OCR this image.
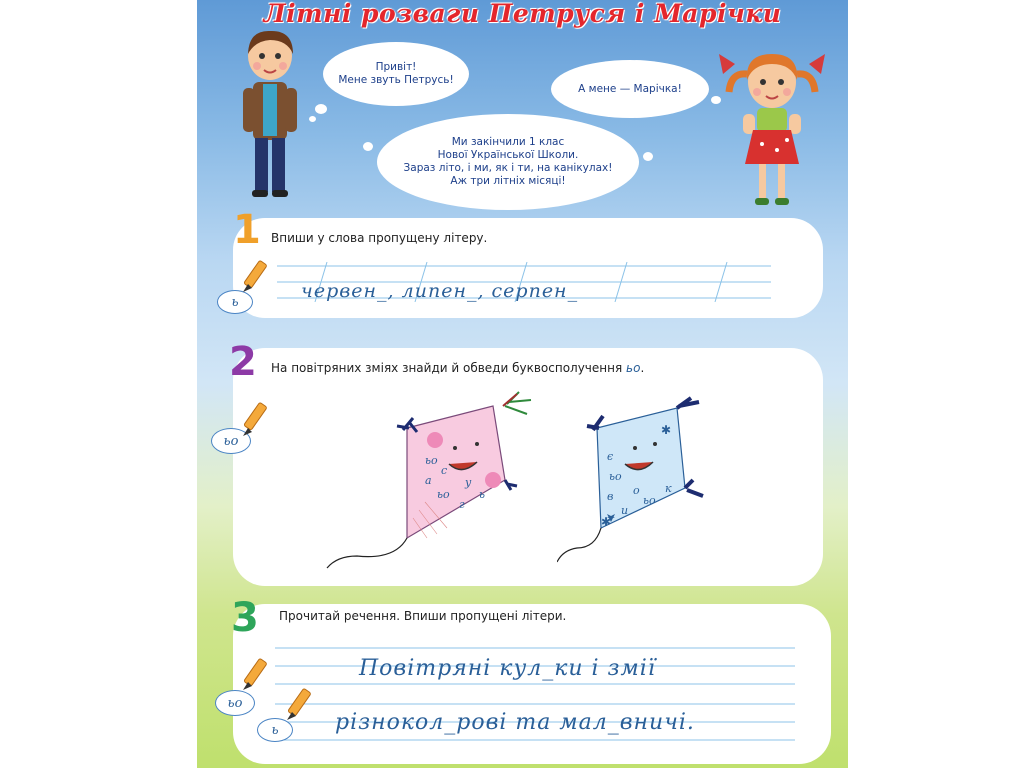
Літні розваги Петруся і Марічки
Привіт!
Мене звуть Петрусь!
А мене — Марічка!
Ми закінчили 1 клас
Нової Української Школи.
Зараз літо, і ми, як і ти, на канікулах!
Аж три літніх місяці!
1 Впиши у слова пропущену літеру.
червен_, липен_, серпен_
ь
2 На повітряних зміях знайди й обведи буквосполучення ьо.
ьо
ьо
с
а	у
ьо	ь
г
✱
✱
є
ьо
о к
в	ьо
и
3 Прочитай речення. Впиши пропущені літери.
Повітряні кул_ки і змії
різнокол_рові та мал_вничі.
ьо
ь
